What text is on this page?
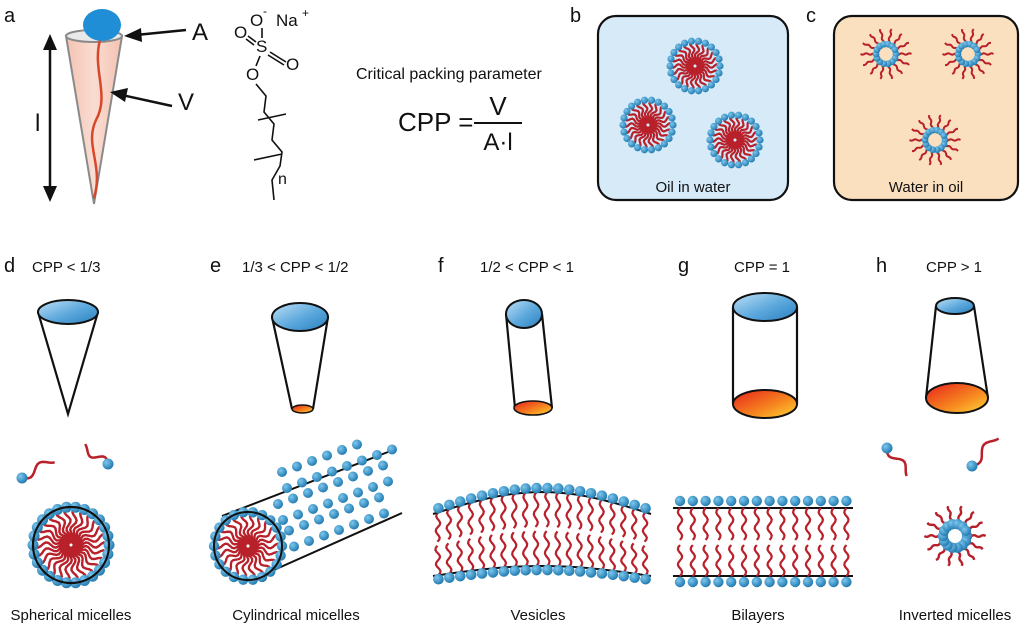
a
l
A
V
O - Na +
O
S
O
O
n
Critical packing parameter
CPP =
V
A·l
b
Oil in water
c
Water in oil
d CPP < 1/3	e 1/3 < CPP < 1/2	f 1/2 < CPP < 1	g	CPP = 1	h	CPP > 1
Spherical micelles	Cylindrical micelles	Vesicles	Bilayers	Inverted micelles
